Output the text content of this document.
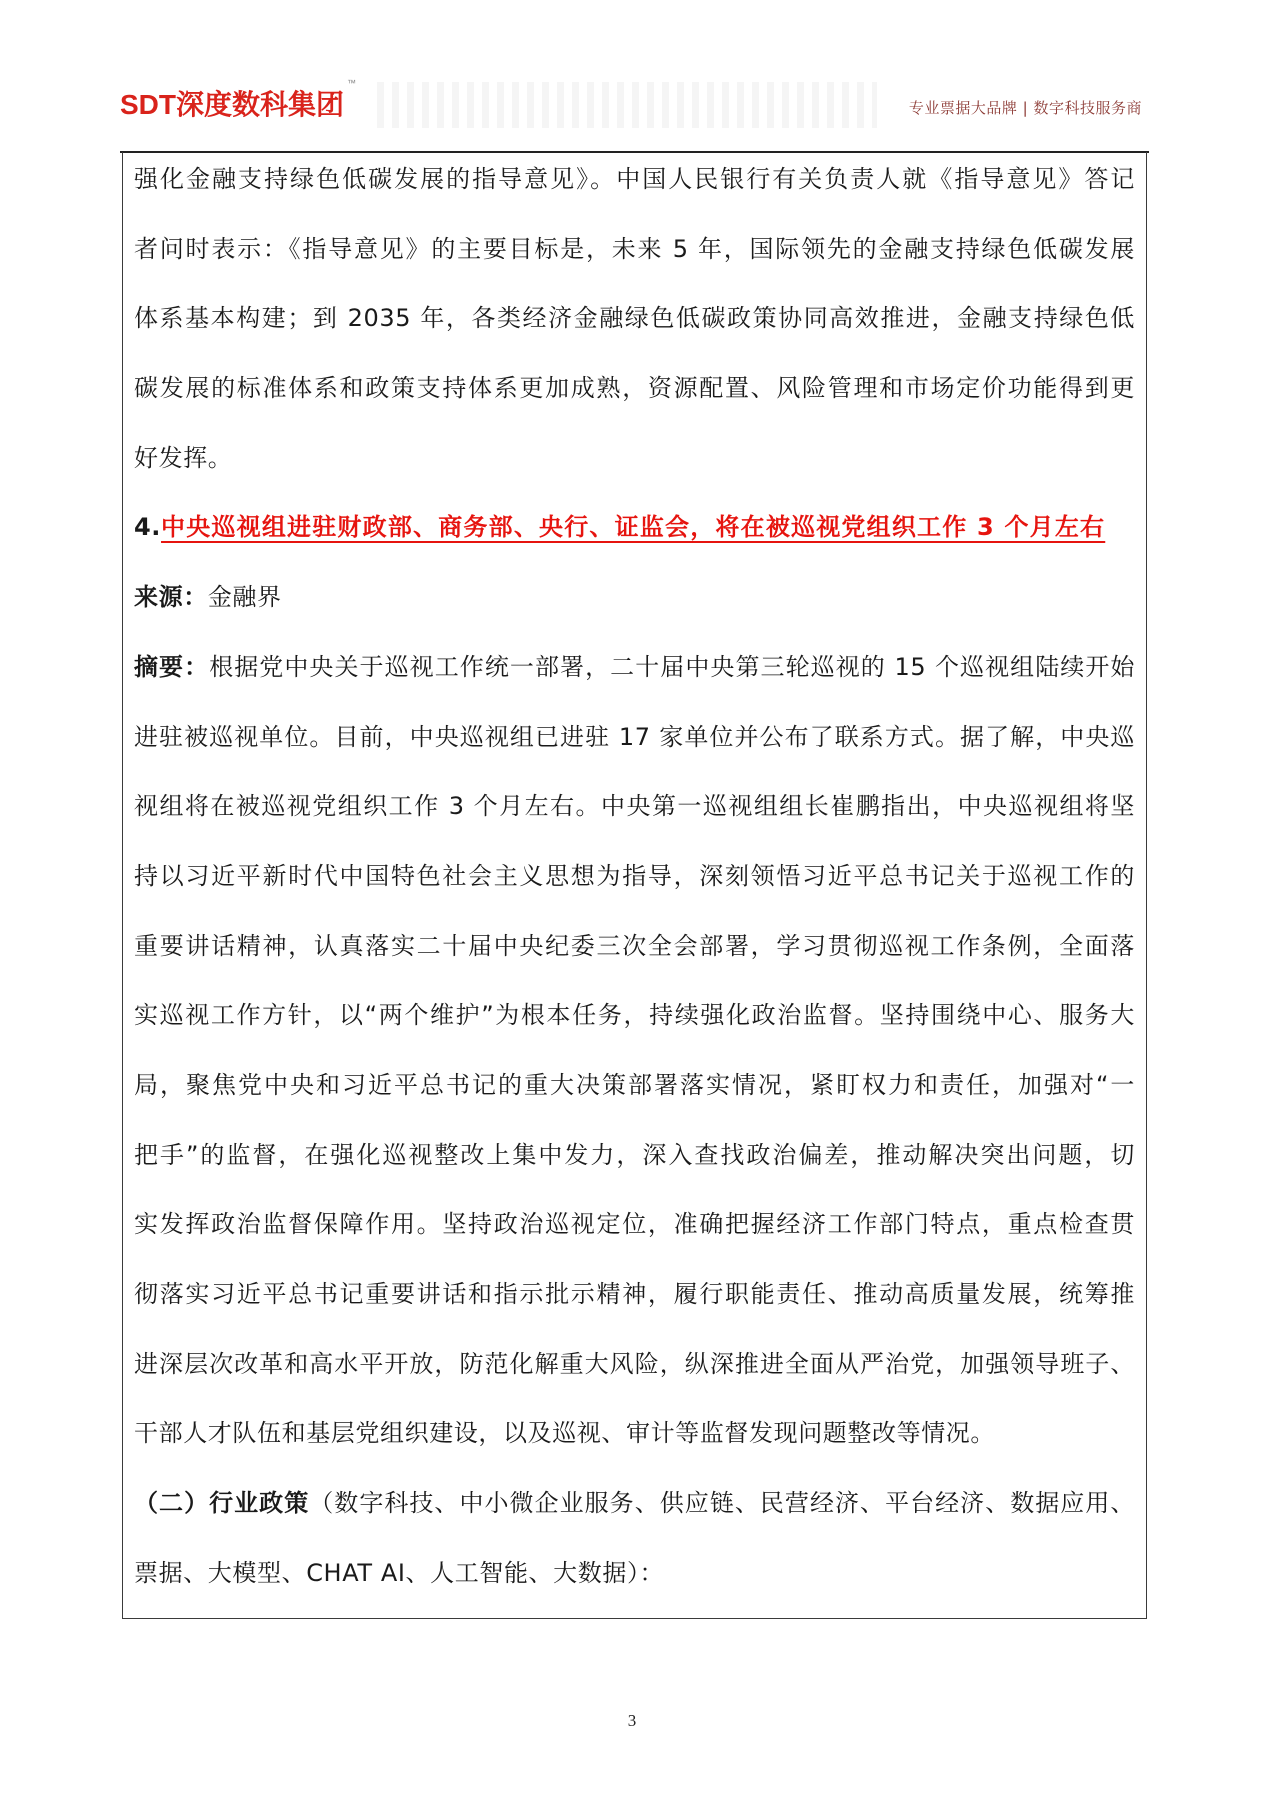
SDT深度数科集团
™
专业票据大品牌 | 数字科技服务商
强化金融支持绿色低碳发展的指导意见》。中国人民银行有关负责人就《指导意见》答记
者问时表示：《指导意见》的主要目标是，未来 5 年，国际领先的金融支持绿色低碳发展
体系基本构建；到 2035 年，各类经济金融绿色低碳政策协同高效推进，金融支持绿色低
碳发展的标准体系和政策支持体系更加成熟，资源配置、风险管理和市场定价功能得到更
好发挥。
4.中央巡视组进驻财政部、商务部、央行、证监会，将在被巡视党组织工作 3 个月左右
来源：金融界
摘要：根据党中央关于巡视工作统一部署，二十届中央第三轮巡视的 15 个巡视组陆续开始
进驻被巡视单位。目前，中央巡视组已进驻 17 家单位并公布了联系方式。据了解，中央巡
视组将在被巡视党组织工作 3 个月左右。中央第一巡视组组长崔鹏指出，中央巡视组将坚
持以习近平新时代中国特色社会主义思想为指导，深刻领悟习近平总书记关于巡视工作的
重要讲话精神，认真落实二十届中央纪委三次全会部署，学习贯彻巡视工作条例，全面落
实巡视工作方针，以“两个维护”为根本任务，持续强化政治监督。坚持围绕中心、服务大
局，聚焦党中央和习近平总书记的重大决策部署落实情况，紧盯权力和责任，加强对“一
把手”的监督，在强化巡视整改上集中发力，深入查找政治偏差，推动解决突出问题，切
实发挥政治监督保障作用。坚持政治巡视定位，准确把握经济工作部门特点，重点检查贯
彻落实习近平总书记重要讲话和指示批示精神，履行职能责任、推动高质量发展，统筹推
进深层次改革和高水平开放，防范化解重大风险，纵深推进全面从严治党，加强领导班子、
干部人才队伍和基层党组织建设，以及巡视、审计等监督发现问题整改等情况。
（二）行业政策（数字科技、中小微企业服务、供应链、民营经济、平台经济、数据应用、
票据、大模型、CHAT AI、人工智能、大数据）：
3
